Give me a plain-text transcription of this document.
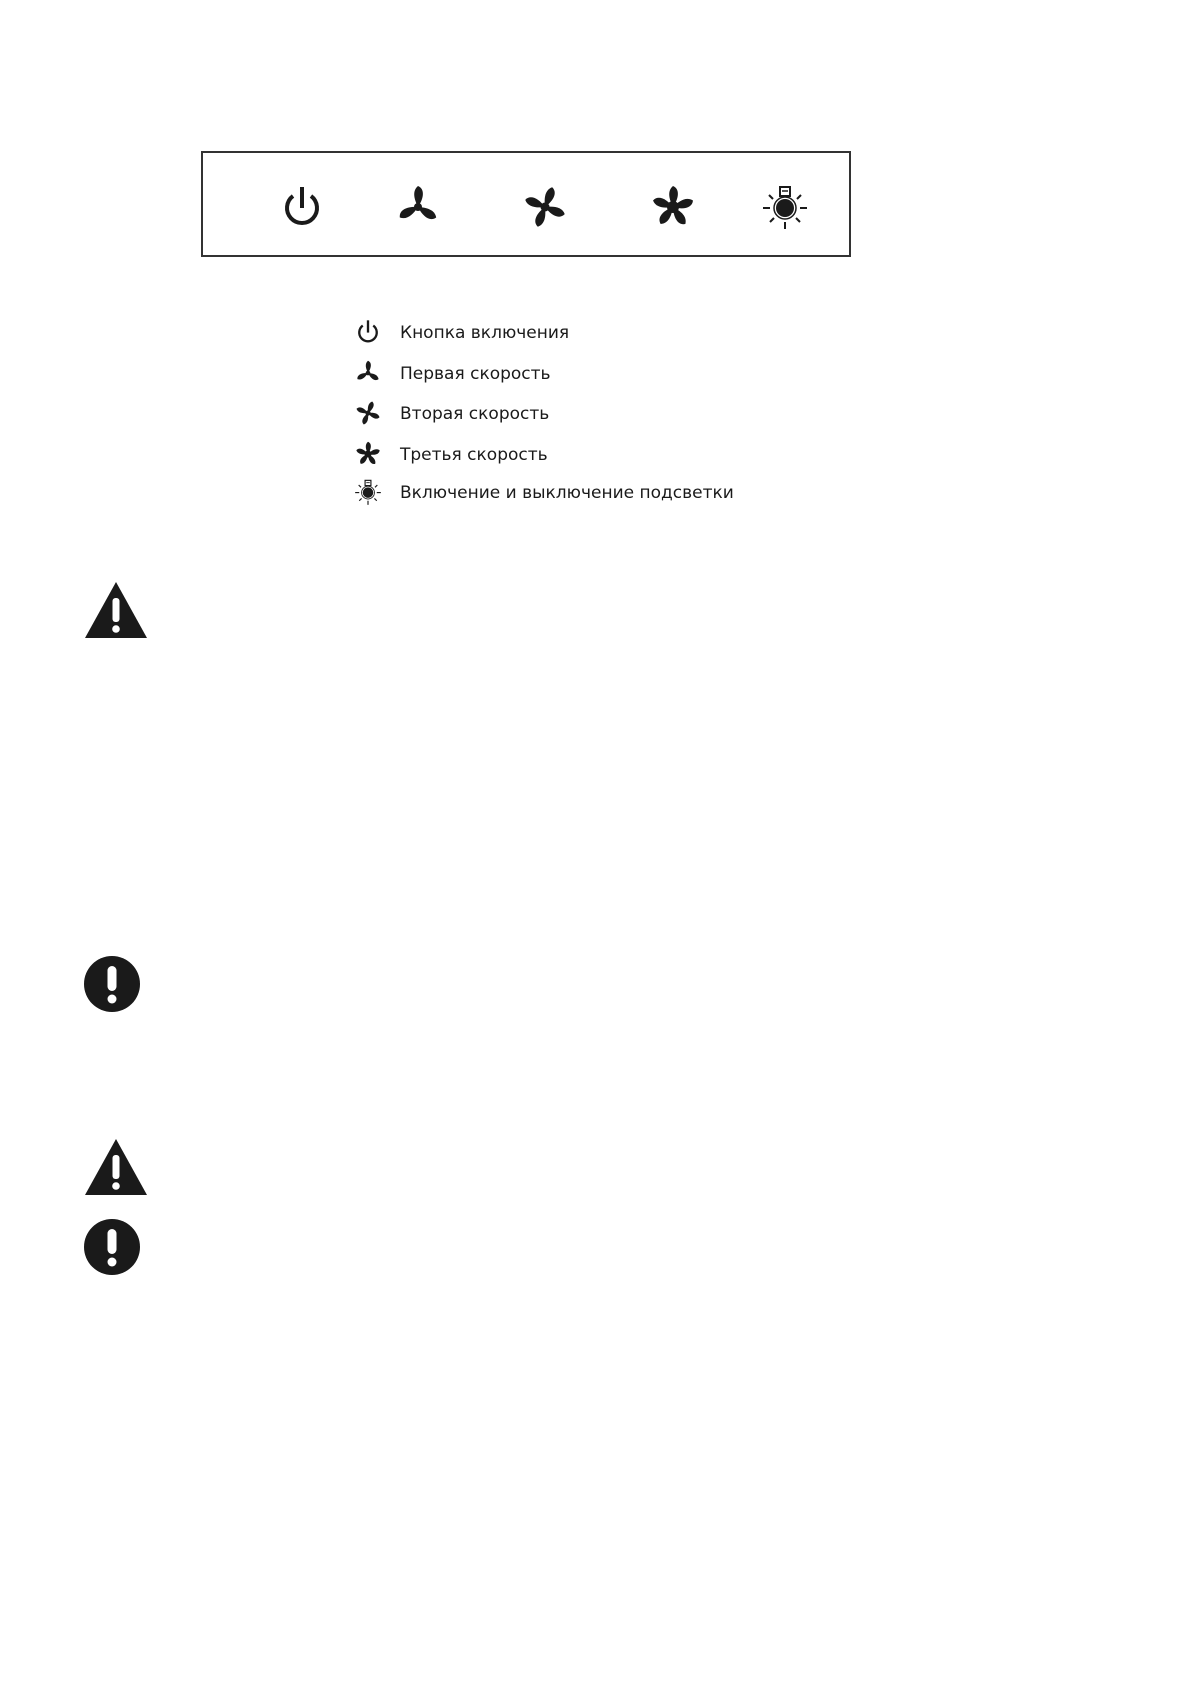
Кнопка включения
Первая скорость
Вторая скорость
Третья скорость
Включение и выключение подсветки
